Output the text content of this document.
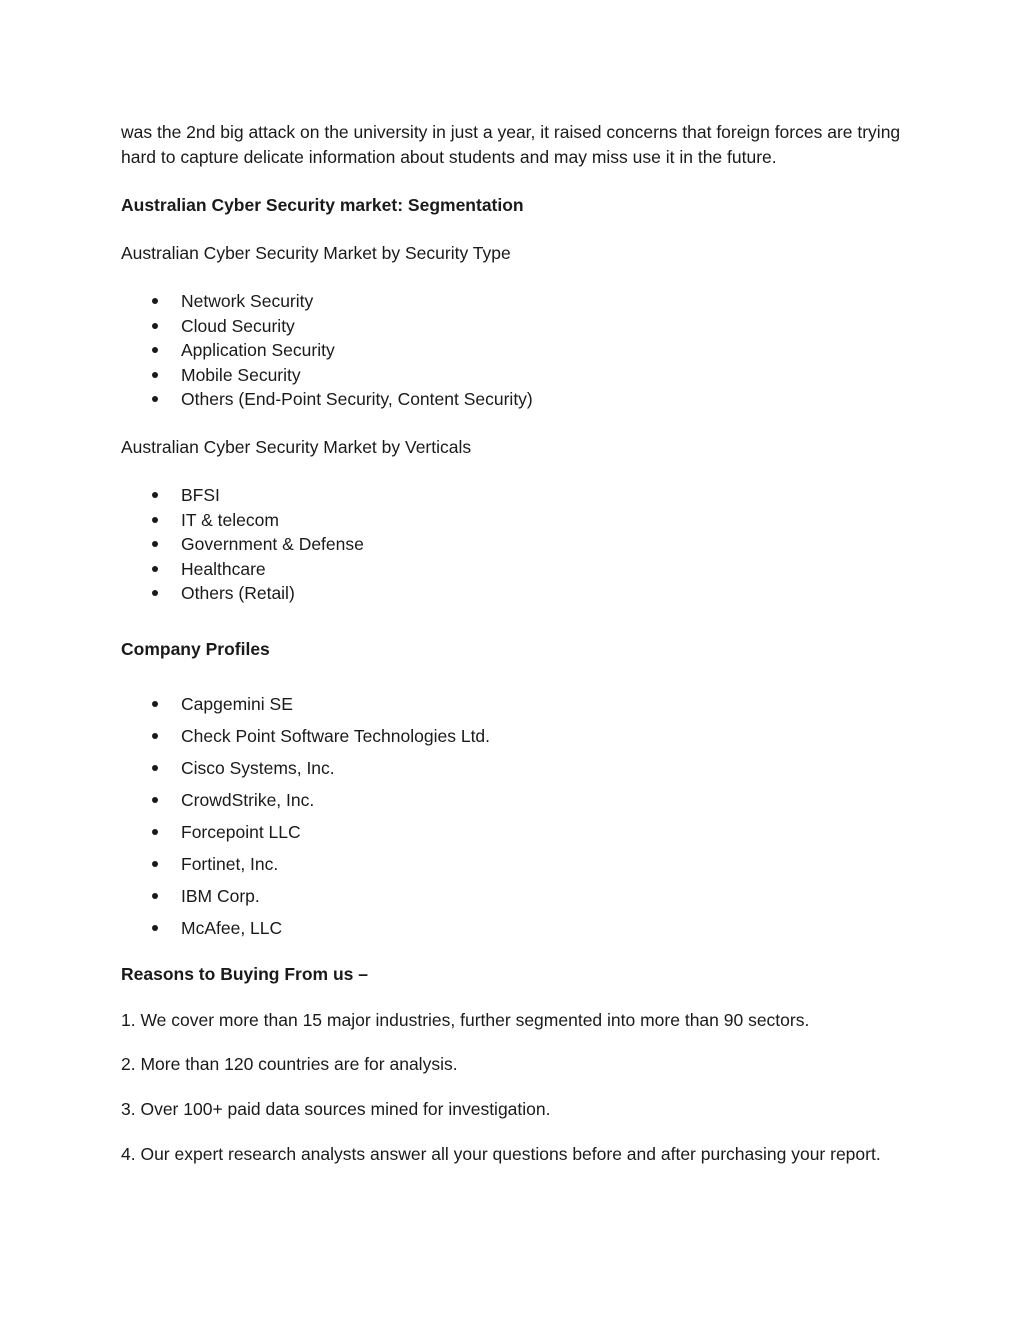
was the 2nd big attack on the university in just a year, it raised concerns that foreign forces are trying hard to capture delicate information about students and may miss use it in the future.

Australian Cyber Security market: Segmentation

Australian Cyber Security Market by Security Type

Network Security
Cloud Security
Application Security
Mobile Security
Others (End-Point Security, Content Security)

Australian Cyber Security Market by Verticals

BFSI
IT & telecom
Government & Defense
Healthcare
Others (Retail)

Company Profiles

Capgemini SE
Check Point Software Technologies Ltd.
Cisco Systems, Inc.
CrowdStrike, Inc.
Forcepoint LLC
Fortinet, Inc.
IBM Corp.
McAfee, LLC

Reasons to Buying From us –

1. We cover more than 15 major industries, further segmented into more than 90 sectors.

2. More than 120 countries are for analysis.

3. Over 100+ paid data sources mined for investigation.

4. Our expert research analysts answer all your questions before and after purchasing your report.
